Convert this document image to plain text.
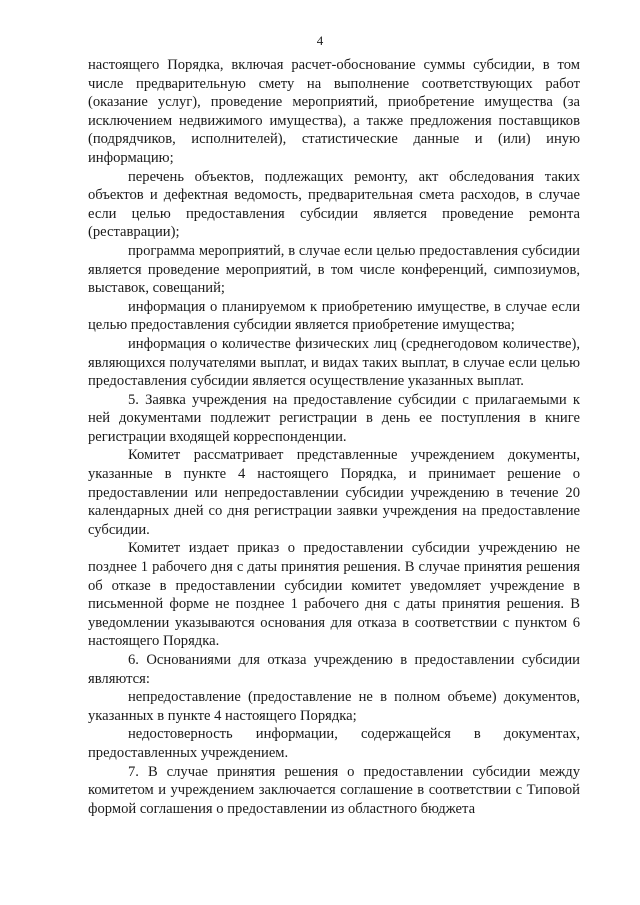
4

настоящего Порядка, включая расчет-обоснование суммы субсидии, в том числе предварительную смету на выполнение соответствующих работ (оказание услуг), проведение мероприятий, приобретение имущества (за исключением недвижимого имущества), а также предложения поставщиков (подрядчиков, исполнителей), статистические данные и (или) иную информацию;

перечень объектов, подлежащих ремонту, акт обследования таких объектов и дефектная ведомость, предварительная смета расходов, в случае если целью предоставления субсидии является проведение ремонта (реставрации);

программа мероприятий, в случае если целью предоставления субсидии является проведение мероприятий, в том числе конференций, симпозиумов, выставок, совещаний;

информация о планируемом к приобретению имуществе, в случае если целью предоставления субсидии является приобретение имущества;

информация о количестве физических лиц (среднегодовом количестве), являющихся получателями выплат, и видах таких выплат, в случае если целью предоставления субсидии является осуществление указанных выплат.

5. Заявка учреждения на предоставление субсидии с прилагаемыми к ней документами подлежит регистрации в день ее поступления в книге регистрации входящей корреспонденции.

Комитет рассматривает представленные учреждением документы, указанные в пункте 4 настоящего Порядка, и принимает решение о предоставлении или непредоставлении субсидии учреждению в течение 20 календарных дней со дня регистрации заявки учреждения на предоставление субсидии.

Комитет издает приказ о предоставлении субсидии учреждению не позднее 1 рабочего дня с даты принятия решения. В случае принятия решения об отказе в предоставлении субсидии комитет уведомляет учреждение в письменной форме не позднее 1 рабочего дня с даты принятия решения. В уведомлении указываются основания для отказа в соответствии с пунктом 6 настоящего Порядка.

6. Основаниями для отказа учреждению в предоставлении субсидии являются:

непредоставление (предоставление не в полном объеме) документов, указанных в пункте 4 настоящего Порядка;

недостоверность информации, содержащейся в документах, предоставленных учреждением.

7. В случае принятия решения о предоставлении субсидии между комитетом и учреждением заключается соглашение в соответствии с Типовой формой соглашения о предоставлении из областного бюджета
